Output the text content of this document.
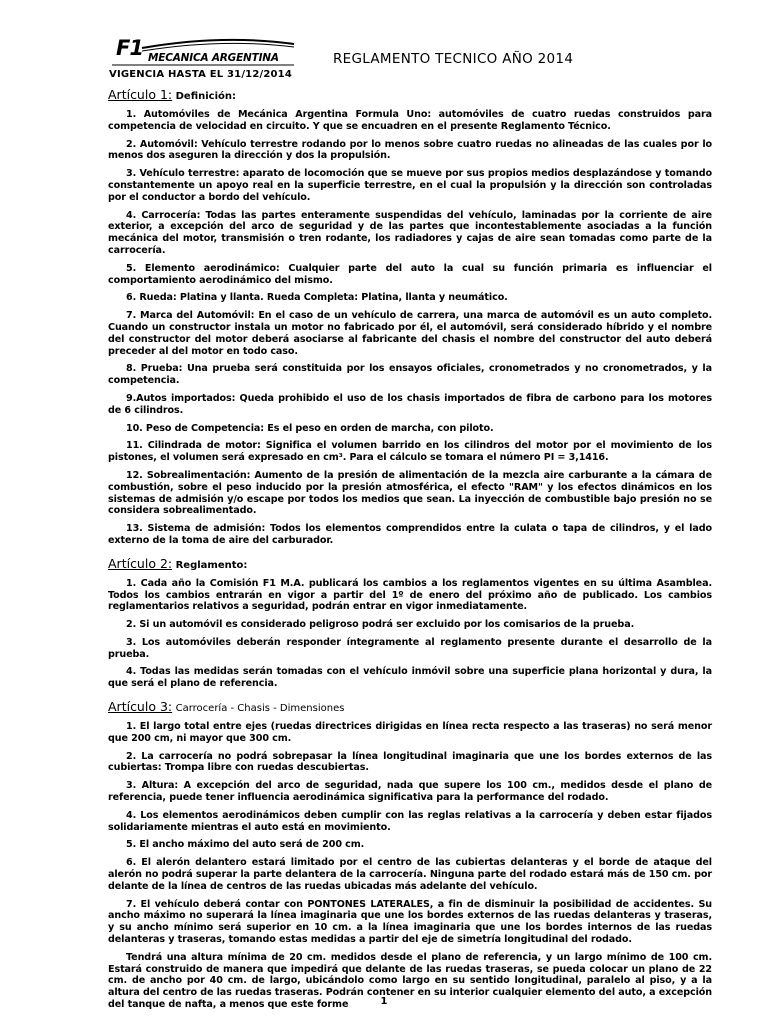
F1 MECANICA ARGENTINA	REGLAMENTO TECNICO AÑO 2014
VIGENCIA HASTA EL 31/12/2014
Artículo 1: Definición:

1. Automóviles de Mecánica Argentina Formula Uno: automóviles de cuatro ruedas construidos para competencia de velocidad en circuito. Y que se encuadren en el presente Reglamento Técnico.

2. Automóvil: Vehículo terrestre rodando por lo menos sobre cuatro ruedas no alineadas de las cuales por lo menos dos aseguren la dirección y dos la propulsión.

3. Vehículo terrestre: aparato de locomoción que se mueve por sus propios medios desplazándose y tomando constantemente un apoyo real en la superficie terrestre, en el cual la propulsión y la dirección son controladas por el conductor a bordo del vehículo.

4. Carrocería: Todas las partes enteramente suspendidas del vehículo, laminadas por la corriente de aire exterior, a excepción del arco de seguridad y de las partes que incontestablemente asociadas a la función mecánica del motor, transmisión o tren rodante, los radiadores y cajas de aire sean tomadas como parte de la carrocería.

5. Elemento aerodinámico: Cualquier parte del auto la cual su función primaria es influenciar el comportamiento aerodinámico del mismo.

6. Rueda: Platina y llanta. Rueda Completa: Platina, llanta y neumático.

7. Marca del Automóvil: En el caso de un vehículo de carrera, una marca de automóvil es un auto completo. Cuando un constructor instala un motor no fabricado por él, el automóvil, será considerado híbrido y el nombre del constructor del motor deberá asociarse al fabricante del chasis el nombre del constructor del auto deberá preceder al del motor en todo caso.

8. Prueba: Una prueba será constituida por los ensayos oficiales, cronometrados y no cronometrados, y la competencia.

9.Autos importados: Queda prohibido el uso de los chasis importados de fibra de carbono para los motores de 6 cilindros.

10. Peso de Competencia: Es el peso en orden de marcha, con piloto.

11. Cilindrada de motor: Significa el volumen barrido en los cilindros del motor por el movimiento de los pistones, el volumen será expresado en cm³. Para el cálculo se tomara el número PI = 3,1416.

12. Sobrealimentación: Aumento de la presión de alimentación de la mezcla aire carburante a la cámara de combustión, sobre el peso inducido por la presión atmosférica, el efecto "RAM" y los efectos dinámicos en los sistemas de admisión y/o escape por todos los medios que sean. La inyección de combustible bajo presión no se considera sobrealimentado.

13. Sistema de admisión: Todos los elementos comprendidos entre la culata o tapa de cilindros, y el lado externo de la toma de aire del carburador.

Artículo 2: Reglamento:

1. Cada año la Comisión F1 M.A. publicará los cambios a los reglamentos vigentes en su última Asamblea. Todos los cambios entrarán en vigor a partir del 1º de enero del próximo año de publicado. Los cambios reglamentarios relativos a seguridad, podrán entrar en vigor inmediatamente.

2. Si un automóvil es considerado peligroso podrá ser excluido por los comisarios de la prueba.

3. Los automóviles deberán responder íntegramente al reglamento presente durante el desarrollo de la prueba.

4. Todas las medidas serán tomadas con el vehículo inmóvil sobre una superficie plana horizontal y dura, la que será el plano de referencia.

Artículo 3: Carrocería - Chasis - Dimensiones

1. El largo total entre ejes (ruedas directrices dirigidas en línea recta respecto a las traseras) no será menor que 200 cm, ni mayor que 300 cm.

2. La carrocería no podrá sobrepasar la línea longitudinal imaginaria que une los bordes externos de las cubiertas: Trompa libre con ruedas descubiertas.

3. Altura: A excepción del arco de seguridad, nada que supere los 100 cm., medidos desde el plano de referencia, puede tener influencia aerodinámica significativa para la performance del rodado.

4. Los elementos aerodinámicos deben cumplir con las reglas relativas a la carrocería y deben estar fijados solidariamente mientras el auto está en movimiento.

5. El ancho máximo del auto será de 200 cm.

6. El alerón delantero estará limitado por el centro de las cubiertas delanteras y el borde de ataque del alerón no podrá superar la parte delantera de la carrocería. Ninguna parte del rodado estará más de 150 cm. por delante de la línea de centros de las ruedas ubicadas más adelante del vehículo.

7. El vehículo deberá contar con PONTONES LATERALES, a fin de disminuir la posibilidad de accidentes. Su ancho máximo no superará la línea imaginaria que une los bordes externos de las ruedas delanteras y traseras, y su ancho mínimo será superior en 10 cm. a la línea imaginaria que une los bordes internos de las ruedas delanteras y traseras, tomando estas medidas a partir del eje de simetría longitudinal del rodado.

Tendrá una altura mínima de 20 cm. medidos desde el plano de referencia, y un largo mínimo de 100 cm. Estará construido de manera que impedirá que delante de las ruedas traseras, se pueda colocar un plano de 22 cm. de ancho por 40 cm. de largo, ubicándolo como largo en su sentido longitudinal, paralelo al piso, y a la altura del centro de las ruedas traseras. Podrán contener en su interior cualquier elemento del auto, a excepción del tanque de nafta, a menos que este forme	1
